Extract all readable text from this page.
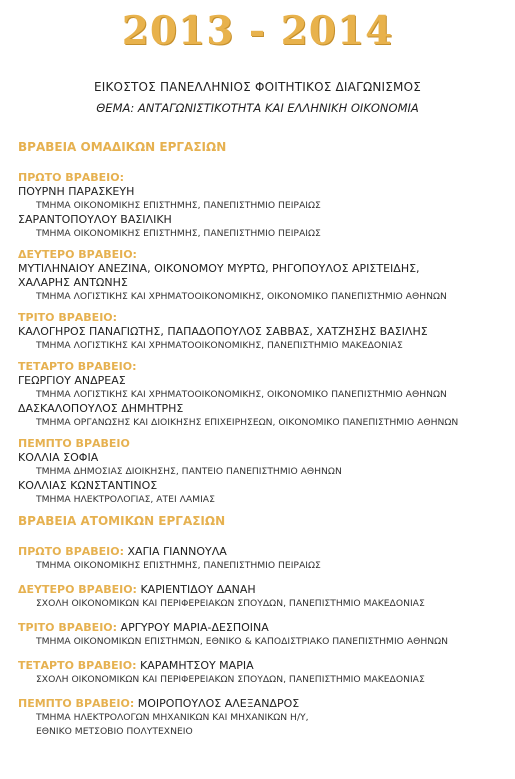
2013 - 2014
ΕΙΚΟΣΤΟΣ ΠΑΝΕΛΛΗΝΙΟΣ ΦΟΙΤΗΤΙΚΟΣ ΔΙΑΓΩΝΙΣΜΟΣ
ΘΕΜΑ: ΑΝΤΑΓΩΝΙΣΤΙΚΟΤΗΤΑ ΚΑΙ ΕΛΛΗΝΙΚΗ ΟΙΚΟΝΟΜΙΑ
ΒΡΑΒΕΙΑ ΟΜΑΔΙΚΩΝ ΕΡΓΑΣΙΩΝ
ΠΡΩΤΟ ΒΡΑΒΕΙΟ:
ΠΟΥΡΝΗ ΠΑΡΑΣΚΕΥΗ
ΤΜΗΜΑ ΟΙΚΟΝΟΜΙΚΗΣ ΕΠΙΣΤΗΜΗΣ, ΠΑΝΕΠΙΣΤΗΜΙΟ ΠΕΙΡΑΙΩΣ
ΣΑΡΑΝΤΟΠΟΥΛΟΥ ΒΑΣΙΛΙΚΗ
ΤΜΗΜΑ ΟΙΚΟΝΟΜΙΚΗΣ ΕΠΙΣΤΗΜΗΣ, ΠΑΝΕΠΙΣΤΗΜΙΟ ΠΕΙΡΑΙΩΣ
ΔΕΥΤΕΡΟ ΒΡΑΒΕΙΟ:
ΜΥΤΙΛΗΝΑΙΟΥ ΑΝΕΖΙΝΑ, ΟΙΚΟΝΟΜΟΥ ΜΥΡΤΩ, ΡΗΓΟΠΟΥΛΟΣ ΑΡΙΣΤΕΙΔΗΣ,
ΧΑΛΑΡΗΣ ΑΝΤΩΝΗΣ
ΤΜΗΜΑ ΛΟΓΙΣΤΙΚΗΣ ΚΑΙ ΧΡΗΜΑΤΟΟΙΚΟΝΟΜΙΚΗΣ, ΟΙΚΟΝΟΜΙΚΟ ΠΑΝΕΠΙΣΤΗΜΙΟ ΑΘΗΝΩΝ
ΤΡΙΤΟ ΒΡΑΒΕΙΟ:
ΚΑΛΟΓΗΡΟΣ ΠΑΝΑΓΙΩΤΗΣ, ΠΑΠΑΔΟΠΟΥΛΟΣ ΣΑΒΒΑΣ, ΧΑΤΖΗΣΗΣ ΒΑΣΙΛΗΣ
ΤΜΗΜΑ ΛΟΓΙΣΤΙΚΗΣ ΚΑΙ ΧΡΗΜΑΤΟΟΙΚΟΝΟΜΙΚΗΣ, ΠΑΝΕΠΙΣΤΗΜΙΟ ΜΑΚΕΔΟΝΙΑΣ
ΤΕΤΑΡΤΟ ΒΡΑΒΕΙΟ:
ΓΕΩΡΓΙΟΥ ΑΝΔΡΕΑΣ
ΤΜΗΜΑ ΛΟΓΙΣΤΙΚΗΣ ΚΑΙ ΧΡΗΜΑΤΟΟΙΚΟΝΟΜΙΚΗΣ, ΟΙΚΟΝΟΜΙΚΟ ΠΑΝΕΠΙΣΤΗΜΙΟ ΑΘΗΝΩΝ
ΔΑΣΚΑΛΟΠΟΥΛΟΣ ΔΗΜΗΤΡΗΣ
ΤΜΗΜΑ ΟΡΓΑΝΩΣΗΣ ΚΑΙ ΔΙΟΙΚΗΣΗΣ ΕΠΙΧΕΙΡΗΣΕΩΝ, ΟΙΚΟΝΟΜΙΚΟ ΠΑΝΕΠΙΣΤΗΜΙΟ ΑΘΗΝΩΝ
ΠΕΜΠΤΟ ΒΡΑΒΕΙΟ
ΚΟΛΛΙΑ ΣΟΦΙΑ
ΤΜΗΜΑ ΔΗΜΟΣΙΑΣ ΔΙΟΙΚΗΣΗΣ, ΠΑΝΤΕΙΟ ΠΑΝΕΠΙΣΤΗΜΙΟ ΑΘΗΝΩΝ
ΚΟΛΛΙΑΣ ΚΩΝΣΤΑΝΤΙΝΟΣ
ΤΜΗΜΑ ΗΛΕΚΤΡΟΛΟΓΙΑΣ, ΑΤΕΙ ΛΑΜΙΑΣ
ΒΡΑΒΕΙΑ ΑΤΟΜΙΚΩΝ ΕΡΓΑΣΙΩΝ
ΠΡΩΤΟ ΒΡΑΒΕΙΟ: ΧΑΓΙΑ ΓΙΑΝΝΟΥΛΑ
ΤΜΗΜΑ ΟΙΚΟΝΟΜΙΚΗΣ ΕΠΙΣΤΗΜΗΣ, ΠΑΝΕΠΙΣΤΗΜΙΟ ΠΕΙΡΑΙΩΣ
ΔΕΥΤΕΡΟ ΒΡΑΒΕΙΟ: ΚΑΡΙΕΝΤΙΔΟΥ ΔΑΝΑΗ
ΣΧΟΛΗ ΟΙΚΟΝΟΜΙΚΩΝ ΚΑΙ ΠΕΡΙΦΕΡΕΙΑΚΩΝ ΣΠΟΥΔΩΝ, ΠΑΝΕΠΙΣΤΗΜΙΟ ΜΑΚΕΔΟΝΙΑΣ
ΤΡΙΤΟ ΒΡΑΒΕΙΟ: ΑΡΓΥΡΟΥ ΜΑΡΙΑ-ΔΕΣΠΟΙΝΑ
ΤΜΗΜΑ ΟΙΚΟΝΟΜΙΚΩΝ ΕΠΙΣΤΗΜΩΝ, ΕΘΝΙΚΟ & ΚΑΠΟΔΙΣΤΡΙΑΚΟ ΠΑΝΕΠΙΣΤΗΜΙΟ ΑΘΗΝΩΝ
ΤΕΤΑΡΤΟ ΒΡΑΒΕΙΟ: ΚΑΡΑΜΗΤΣΟΥ ΜΑΡΙΑ
ΣΧΟΛΗ ΟΙΚΟΝΟΜΙΚΩΝ ΚΑΙ ΠΕΡΙΦΕΡΕΙΑΚΩΝ ΣΠΟΥΔΩΝ, ΠΑΝΕΠΙΣΤΗΜΙΟ ΜΑΚΕΔΟΝΙΑΣ
ΠΕΜΠΤΟ ΒΡΑΒΕΙΟ: ΜΟΙΡΟΠΟΥΛΟΣ ΑΛΕΞΑΝΔΡΟΣ
ΤΜΗΜΑ ΗΛΕΚΤΡΟΛΟΓΩΝ ΜΗΧΑΝΙΚΩΝ ΚΑΙ ΜΗΧΑΝΙΚΩΝ Η/Υ,
ΕΘΝΙΚΟ ΜΕΤΣΟΒΙΟ ΠΟΛΥΤΕΧΝΕΙΟ
